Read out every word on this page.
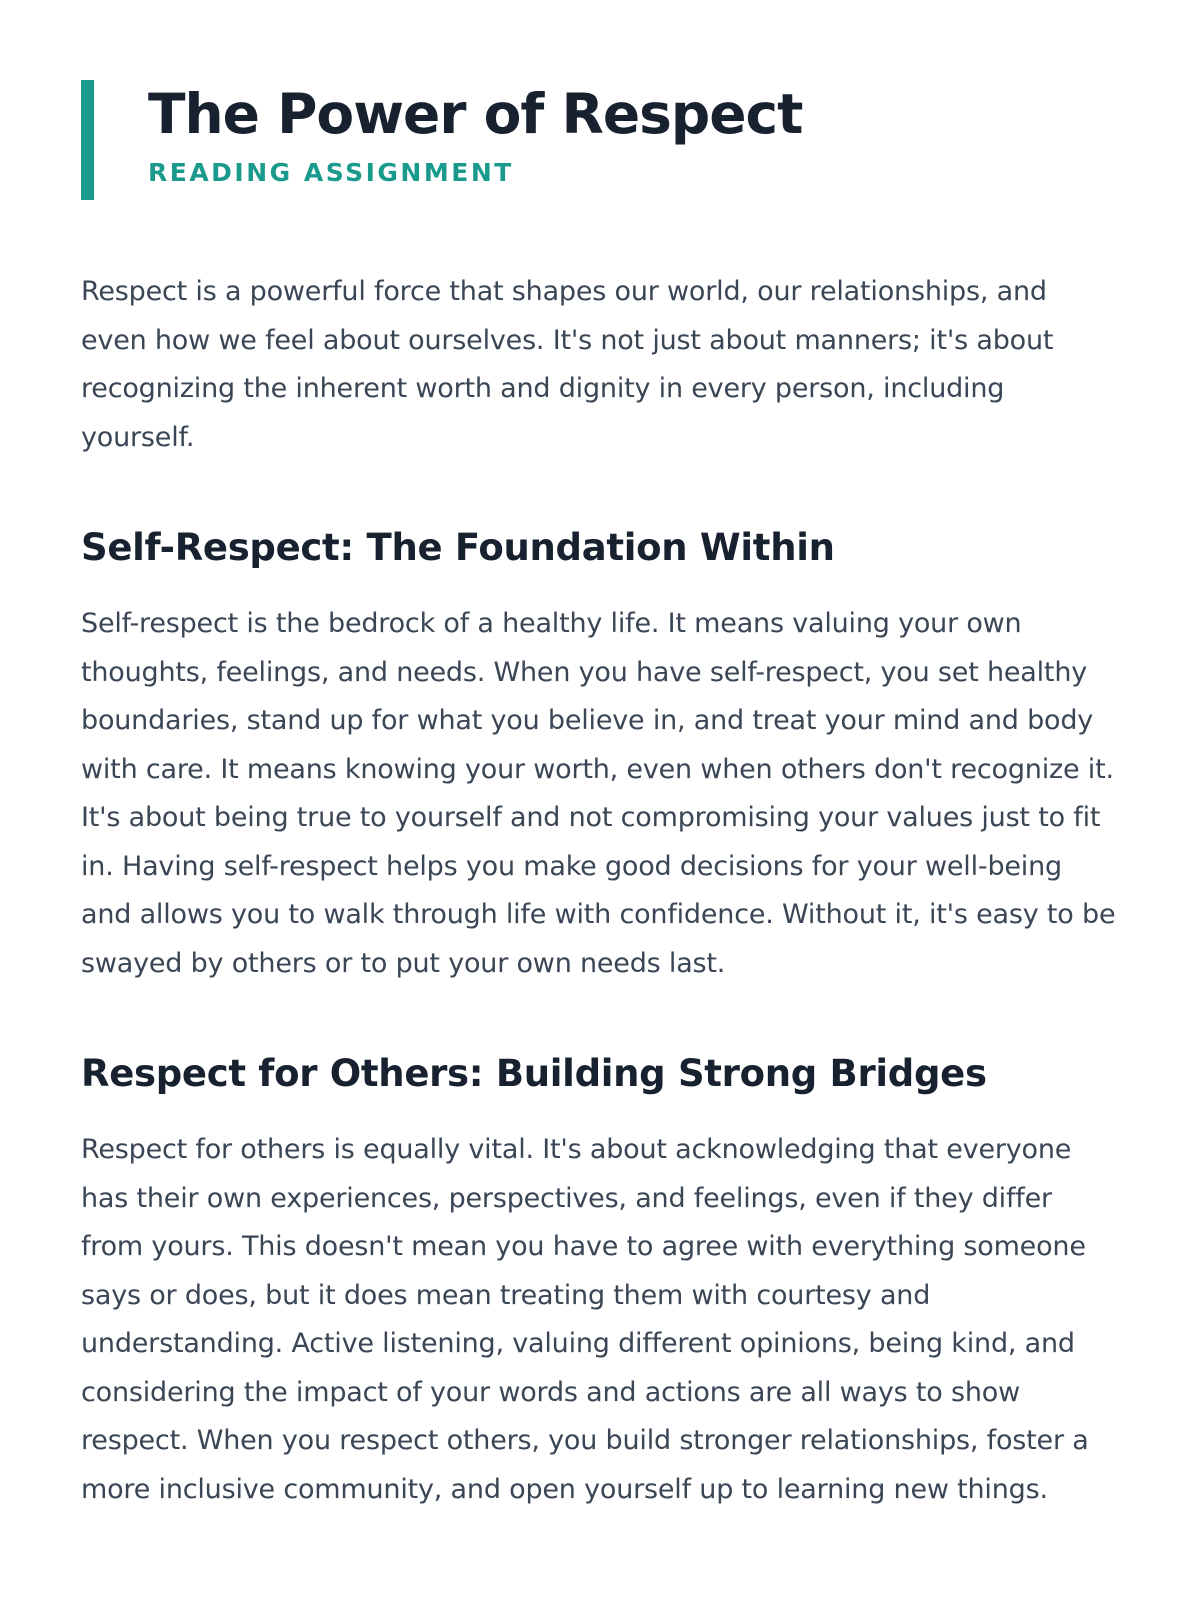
The Power of Respect
READING ASSIGNMENT

Respect is a powerful force that shapes our world, our relationships, and even how we feel about ourselves. It's not just about manners; it's about recognizing the inherent worth and dignity in every person, including yourself.

Self-Respect: The Foundation Within

Self-respect is the bedrock of a healthy life. It means valuing your own thoughts, feelings, and needs. When you have self-respect, you set healthy boundaries, stand up for what you believe in, and treat your mind and body with care. It means knowing your worth, even when others don't recognize it. It's about being true to yourself and not compromising your values just to fit in. Having self-respect helps you make good decisions for your well-being and allows you to walk through life with confidence. Without it, it's easy to be swayed by others or to put your own needs last.

Respect for Others: Building Strong Bridges

Respect for others is equally vital. It's about acknowledging that everyone has their own experiences, perspectives, and feelings, even if they differ from yours. This doesn't mean you have to agree with everything someone says or does, but it does mean treating them with courtesy and understanding. Active listening, valuing different opinions, being kind, and considering the impact of your words and actions are all ways to show respect. When you respect others, you build stronger relationships, foster a more inclusive community, and open yourself up to learning new things.
